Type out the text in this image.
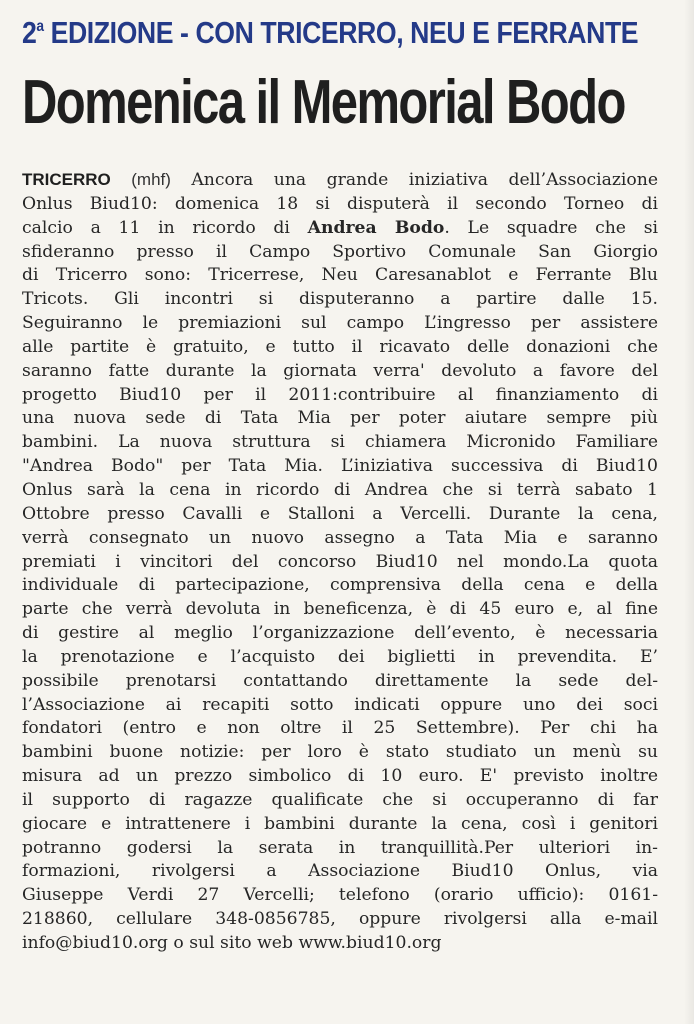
2$^a$ EDIZIONE - CON TRICERRO, NEU E FERRANTE
Domenica il Memorial Bodo
TRICERRO (mhf) Ancora una grande iniziativa dell’Associazione
Onlus Biud10: domenica 18 si disputerà il secondo Torneo di
calcio a 11 in ricordo di Andrea Bodo. Le squadre che si
sfideranno presso il Campo Sportivo Comunale San Giorgio
di Tricerro sono: Tricerrese, Neu Caresanablot e Ferrante Blu
Tricots. Gli incontri si disputeranno a partire dalle 15.
Seguiranno le premiazioni sul campo L’ingresso per assistere
alle partite è gratuito, e tutto il ricavato delle donazioni che
saranno fatte durante la giornata verra' devoluto a favore del
progetto Biud10 per il 2011:contribuire al finanziamento di
una nuova sede di Tata Mia per poter aiutare sempre più
bambini. La nuova struttura si chiamera Micronido Familiare
"Andrea Bodo" per Tata Mia. L’iniziativa successiva di Biud10
Onlus sarà la cena in ricordo di Andrea che si terrà sabato 1
Ottobre presso Cavalli e Stalloni a Vercelli. Durante la cena,
verrà consegnato un nuovo assegno a Tata Mia e saranno
premiati i vincitori del concorso Biud10 nel mondo.La quota
individuale di partecipazione, comprensiva della cena e della
parte che verrà devoluta in beneficenza, è di 45 euro e, al fine
di gestire al meglio l’organizzazione dell’evento, è necessaria
la prenotazione e l’acquisto dei biglietti in prevendita. E’
possibile prenotarsi contattando direttamente la sede del-
l’Associazione ai recapiti sotto indicati oppure uno dei soci
fondatori (entro e non oltre il 25 Settembre). Per chi ha
bambini buone notizie: per loro è stato studiato un menù su
misura ad un prezzo simbolico di 10 euro. E' previsto inoltre
il supporto di ragazze qualificate che si occuperanno di far
giocare e intrattenere i bambini durante la cena, così i genitori
potranno godersi la serata in tranquillità.Per ulteriori in-
formazioni, rivolgersi a Associazione Biud10 Onlus, via
Giuseppe Verdi 27 Vercelli; telefono (orario ufficio): 0161-
218860, cellulare 348-0856785, oppure rivolgersi alla e-mail
info@biud10.org o sul sito web www.biud10.org
